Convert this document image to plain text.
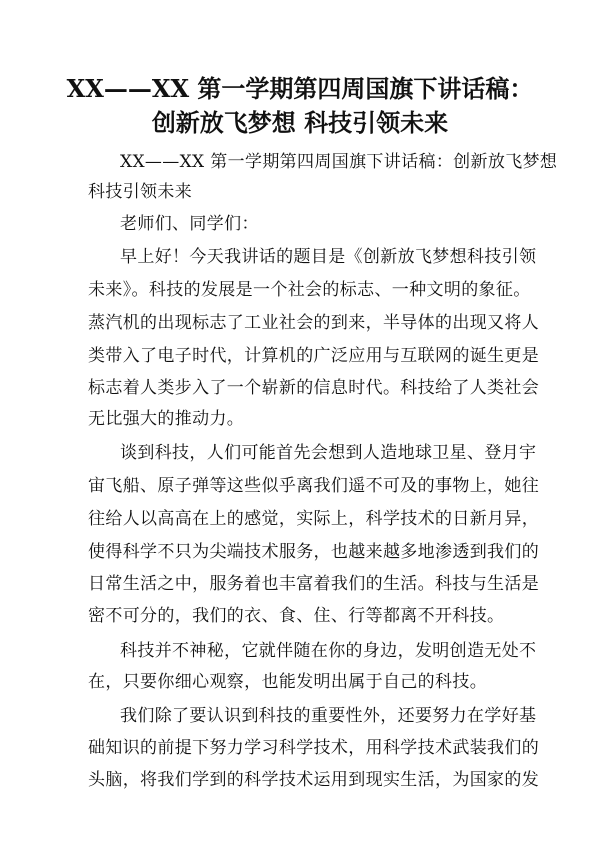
XX——XX 第一学期第四周国旗下讲话稿：
创新放飞梦想 科技引领未来
XX——XX 第一学期第四周国旗下讲话稿：创新放飞梦想
科技引领未来
老师们、同学们：
早上好！今天我讲话的题目是《创新放飞梦想科技引领
未来》。科技的发展是一个社会的标志、一种文明的象征。
蒸汽机的出现标志了工业社会的到来，半导体的出现又将人
类带入了电子时代，计算机的广泛应用与互联网的诞生更是
标志着人类步入了一个崭新的信息时代。科技给了人类社会
无比强大的推动力。
谈到科技，人们可能首先会想到人造地球卫星、登月宇
宙飞船、原子弹等这些似乎离我们遥不可及的事物上，她往
往给人以高高在上的感觉，实际上，科学技术的日新月异，
使得科学不只为尖端技术服务，也越来越多地渗透到我们的
日常生活之中，服务着也丰富着我们的生活。科技与生活是
密不可分的，我们的衣、食、住、行等都离不开科技。
科技并不神秘，它就伴随在你的身边，发明创造无处不
在，只要你细心观察，也能发明出属于自己的科技。
我们除了要认识到科技的重要性外，还要努力在学好基
础知识的前提下努力学习科学技术，用科学技术武装我们的
头脑，将我们学到的科学技术运用到现实生活，为国家的发
